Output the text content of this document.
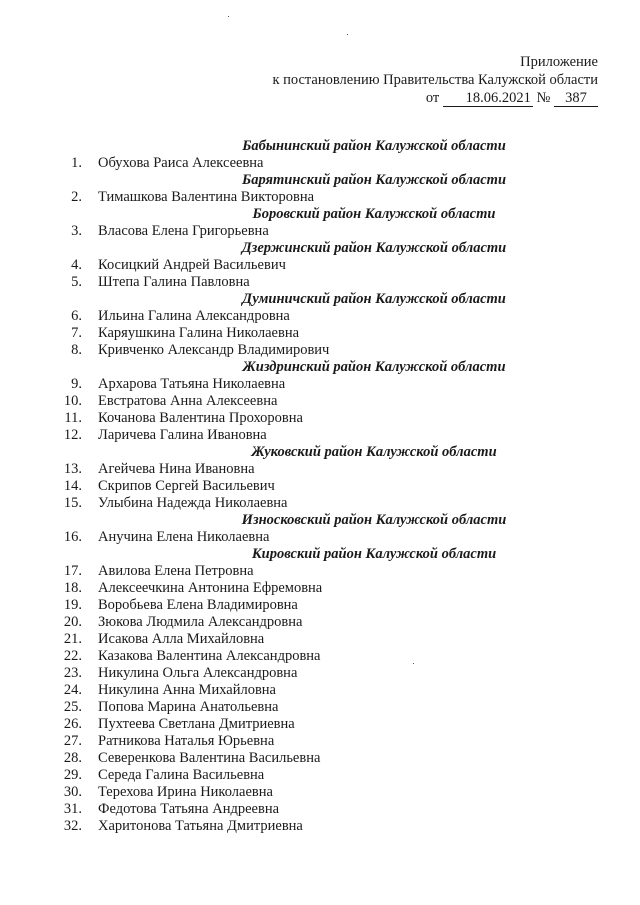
Приложение
к постановлению Правительства Калужской области
от 18.06.2021 № 387
Бабынинский район Калужской области
1.	Обухова Раиса Алексеевна
Барятинский район Калужской области
2.	Тимашкова Валентина Викторовна
Боровский район Калужской области
3.	Власова Елена Григорьевна
Дзержинский район Калужской области
4.	Косицкий Андрей Васильевич
5.	Штепа Галина Павловна
Думиничский район Калужской области
6.	Ильина Галина Александровна
7.	Каряушкина Галина Николаевна
8.	Кривченко Александр Владимирович
Жиздринский район Калужской области
9.	Архарова Татьяна Николаевна
10.	Евстратова Анна Алексеевна
11.	Кочанова Валентина Прохоровна
12.	Ларичева Галина Ивановна
Жуковский район Калужской области
13.	Агейчева Нина Ивановна
14.	Скрипов Сергей Васильевич
15.	Улыбина Надежда Николаевна
Износковский район Калужской области
16.	Анучина Елена Николаевна
Кировский район Калужской области
17.	Авилова Елена Петровна
18.	Алексеечкина Антонина Ефремовна
19.	Воробьева Елена Владимировна
20.	Зюкова Людмила Александровна
21.	Исакова Алла Михайловна
22.	Казакова Валентина Александровна
23.	Никулина Ольга Александровна
24.	Никулина Анна Михайловна
25.	Попова Марина Анатольевна
26.	Пухтеева Светлана Дмитриевна
27.	Ратникова Наталья Юрьевна
28.	Северенкова Валентина Васильевна
29.	Середа Галина Васильевна
30.	Терехова Ирина Николаевна
31.	Федотова Татьяна Андреевна
32.	Харитонова Татьяна Дмитриевна
